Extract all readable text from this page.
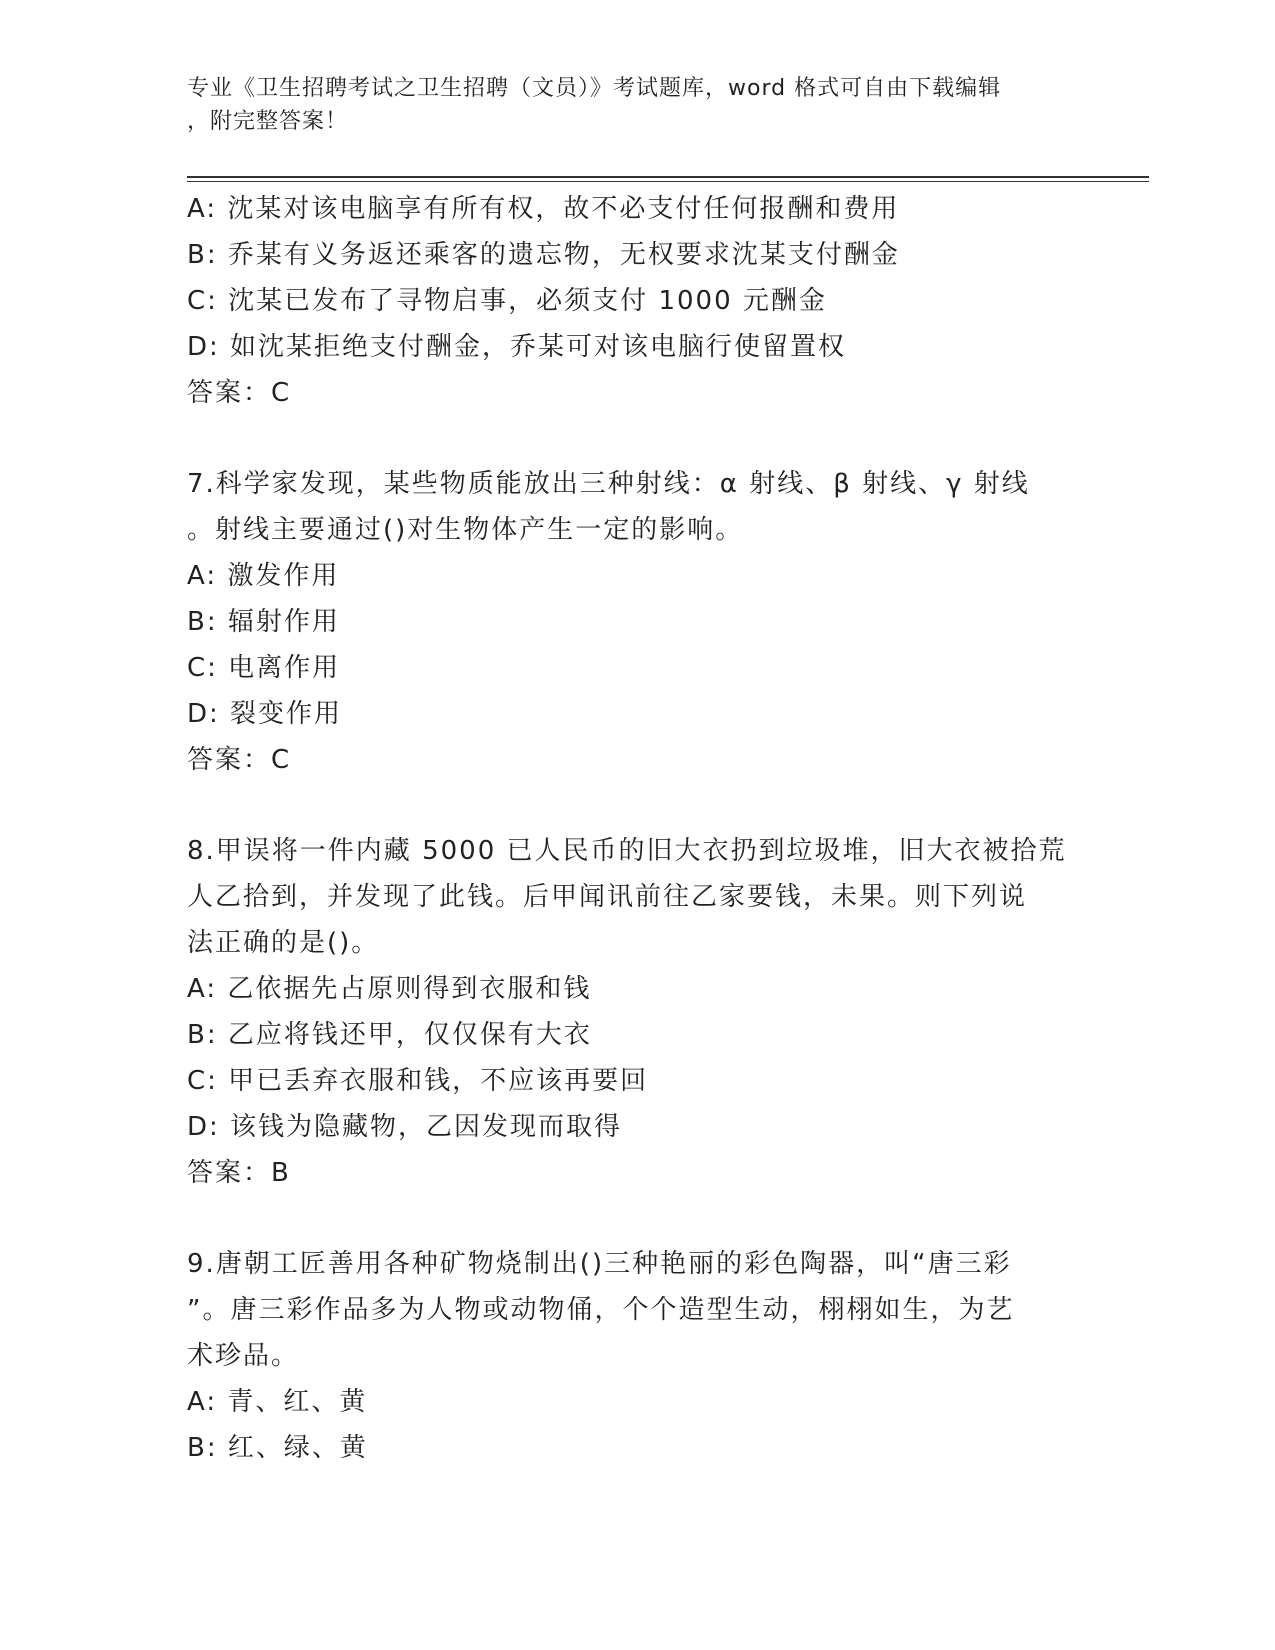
专业《卫生招聘考试之卫生招聘（文员）》考试题库，word 格式可自由下载编辑
，附完整答案！
A: 沈某对该电脑享有所有权，故不必支付任何报酬和费用
B: 乔某有义务返还乘客的遗忘物，无权要求沈某支付酬金
C: 沈某已发布了寻物启事，必须支付 1000 元酬金
D: 如沈某拒绝支付酬金，乔某可对该电脑行使留置权
答案：C
7.科学家发现，某些物质能放出三种射线：α 射线、β 射线、γ 射线
。射线主要通过()对生物体产生一定的影响。
A: 激发作用
B: 辐射作用
C: 电离作用
D: 裂变作用
答案：C
8.甲误将一件内藏 5000 已人民币的旧大衣扔到垃圾堆，旧大衣被拾荒
人乙拾到，并发现了此钱。后甲闻讯前往乙家要钱，未果。则下列说
法正确的是()。
A: 乙依据先占原则得到衣服和钱
B: 乙应将钱还甲，仅仅保有大衣
C: 甲已丢弃衣服和钱，不应该再要回
D: 该钱为隐藏物，乙因发现而取得
答案：B
9.唐朝工匠善用各种矿物烧制出()三种艳丽的彩色陶器，叫“唐三彩
”。唐三彩作品多为人物或动物俑，个个造型生动，栩栩如生，为艺
术珍品。
A: 青、红、黄
B: 红、绿、黄
